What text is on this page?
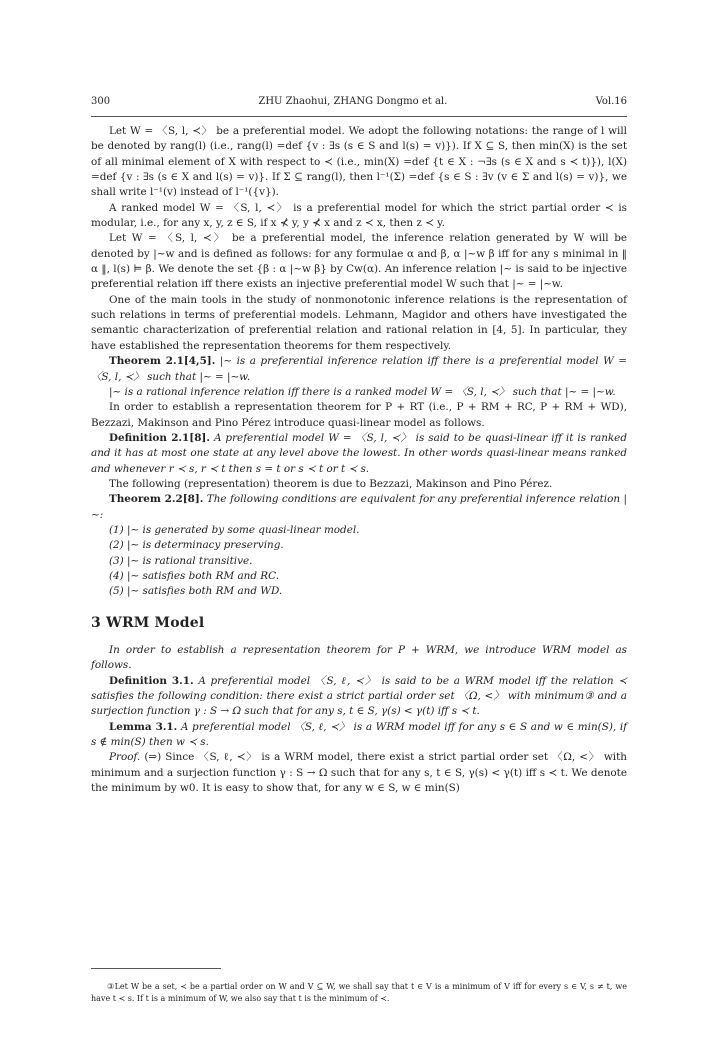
300	ZHU Zhaohui, ZHANG Dongmo et al.	Vol.16

Let W = 〈S, l, ≺〉 be a preferential model. We adopt the following notations: the range of l will be denoted by rang(l) (i.e., rang(l) =def {v : ∃s (s ∈ S and l(s) = v)}). If X ⊆ S, then min(X) is the set of all minimal element of X with respect to ≺ (i.e., min(X) =def {t ∈ X : ¬∃s (s ∈ X and s ≺ t)}), l(X) =def {v : ∃s (s ∈ X and l(s) = v)}. If Σ ⊆ rang(l), then l⁻¹(Σ) =def {s ∈ S : ∃v (v ∈ Σ and l(s) = v)}, we shall write l⁻¹(v) instead of l⁻¹({v}).

A ranked model W = 〈S, l, ≺〉 is a preferential model for which the strict partial order ≺ is modular, i.e., for any x, y, z ∈ S, if x ⊀ y, y ⊀ x and z ≺ x, then z ≺ y.

Let W = 〈S, l, ≺〉 be a preferential model, the inference relation generated by W will be denoted by |∼w and is defined as follows: for any formulae α and β, α |∼w β iff for any s minimal in ‖ α ‖, l(s) ⊨ β. We denote the set {β : α |∼w β} by Cw(α). An inference relation |∼ is said to be injective preferential relation iff there exists an injective preferential model W such that |∼ = |∼w.

One of the main tools in the study of nonmonotonic inference relations is the representation of such relations in terms of preferential models. Lehmann, Magidor and others have investigated the semantic characterization of preferential relation and rational relation in [4, 5]. In particular, they have established the representation theorems for them respectively.

Theorem 2.1[4,5]. |∼ is a preferential inference relation iff there is a preferential model W = 〈S, l, ≺〉 such that |∼ = |∼w.

|∼ is a rational inference relation iff there is a ranked model W = 〈S, l, ≺〉 such that |∼ = |∼w.

In order to establish a representation theorem for P + RT (i.e., P + RM + RC, P + RM + WD), Bezzazi, Makinson and Pino Pérez introduce quasi-linear model as follows.

Definition 2.1[8]. A preferential model W = 〈S, l, ≺〉 is said to be quasi-linear iff it is ranked and it has at most one state at any level above the lowest. In other words quasi-linear means ranked and whenever r ≺ s, r ≺ t then s = t or s ≺ t or t ≺ s.

The following (representation) theorem is due to Bezzazi, Makinson and Pino Pérez.

Theorem 2.2[8]. The following conditions are equivalent for any preferential inference relation |∼:

(1) |∼ is generated by some quasi-linear model.

(2) |∼ is determinacy preserving.

(3) |∼ is rational transitive.

(4) |∼ satisfies both RM and RC.

(5) |∼ satisfies both RM and WD.

3 WRM Model

In order to establish a representation theorem for P + WRM, we introduce WRM model as follows.

Definition 3.1. A preferential model 〈S, ℓ, ≺〉 is said to be a WRM model iff the relation ≺ satisfies the following condition: there exist a strict partial order set 〈Ω, <〉 with minimum③ and a surjection function γ : S → Ω such that for any s, t ∈ S, γ(s) < γ(t) iff s ≺ t.

Lemma 3.1. A preferential model 〈S, ℓ, ≺〉 is a WRM model iff for any s ∈ S and w ∈ min(S), if s ∉ min(S) then w ≺ s.

Proof. (⇒) Since 〈S, ℓ, ≺〉 is a WRM model, there exist a strict partial order set 〈Ω, <〉 with minimum and a surjection function γ : S → Ω such that for any s, t ∈ S, γ(s) < γ(t) iff s ≺ t. We denote the minimum by w0. It is easy to show that, for any w ∈ S, w ∈ min(S)

③Let W be a set, ≺ be a partial order on W and V ⊆ W, we shall say that t ∈ V is a minimum of V iff for every s ∈ V, s ≠ t, we have t ≺ s. If t is a minimum of W, we also say that t is the minimum of ≺.
